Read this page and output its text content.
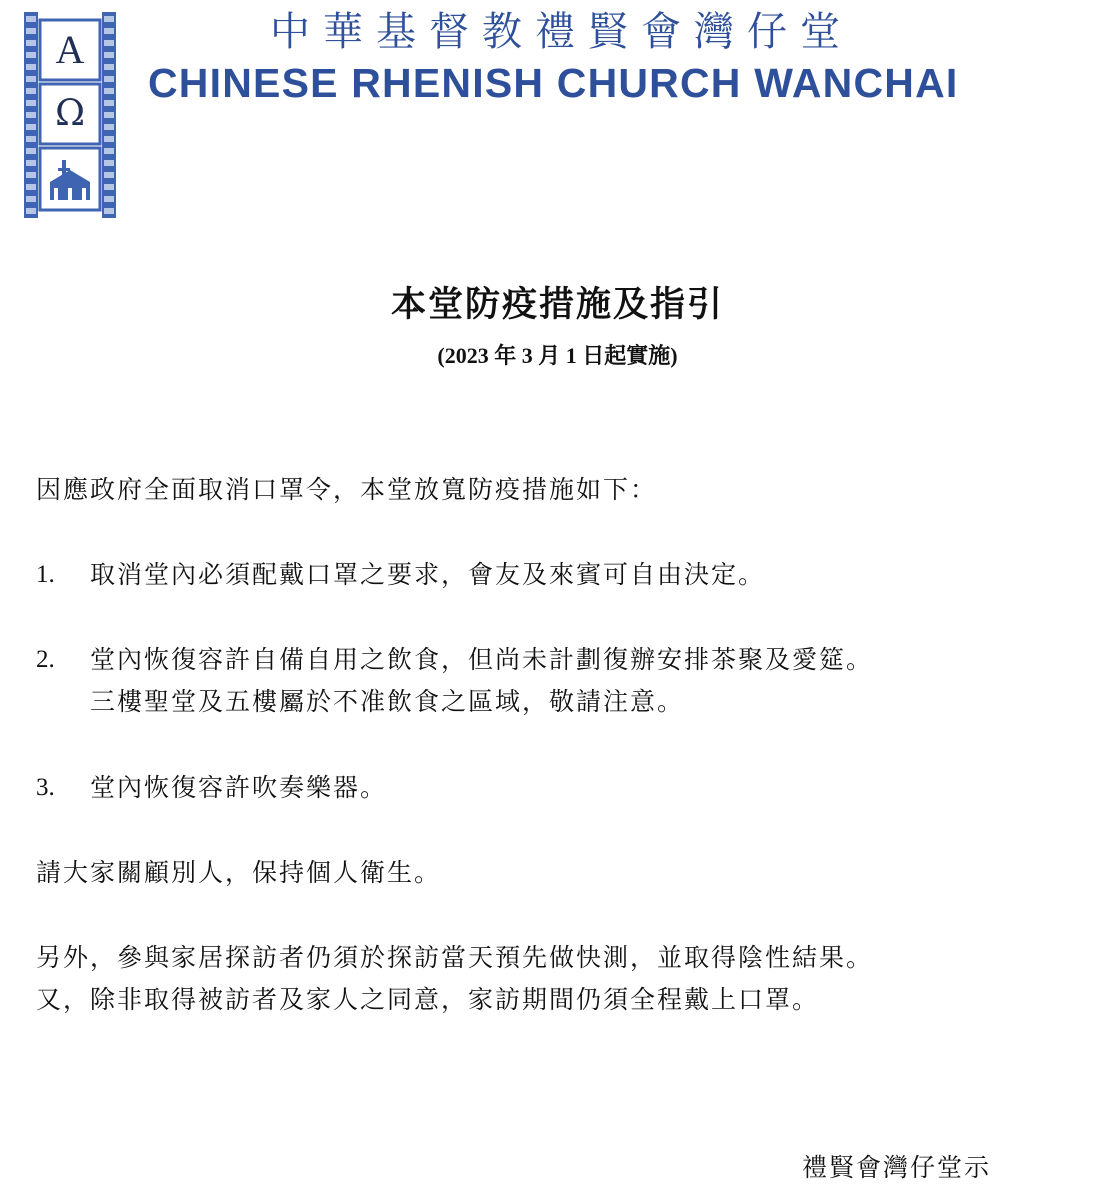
A
Ω
中華基督教禮賢會灣仔堂
CHINESE RHENISH CHURCH WANCHAI
本堂防疫措施及指引
(2023 年 3 月 1 日起實施)
因應政府全面取消口罩令，本堂放寬防疫措施如下：
1. 取消堂內必須配戴口罩之要求，會友及來賓可自由決定。
2. 堂內恢復容許自備自用之飲食，但尚未計劃復辦安排茶聚及愛筵。
三樓聖堂及五樓屬於不准飲食之區域，敬請注意。
3. 堂內恢復容許吹奏樂器。
請大家關顧別人，保持個人衛生。
另外，參與家居探訪者仍須於探訪當天預先做快測，並取得陰性結果。
又，除非取得被訪者及家人之同意，家訪期間仍須全程戴上口罩。
禮賢會灣仔堂示
